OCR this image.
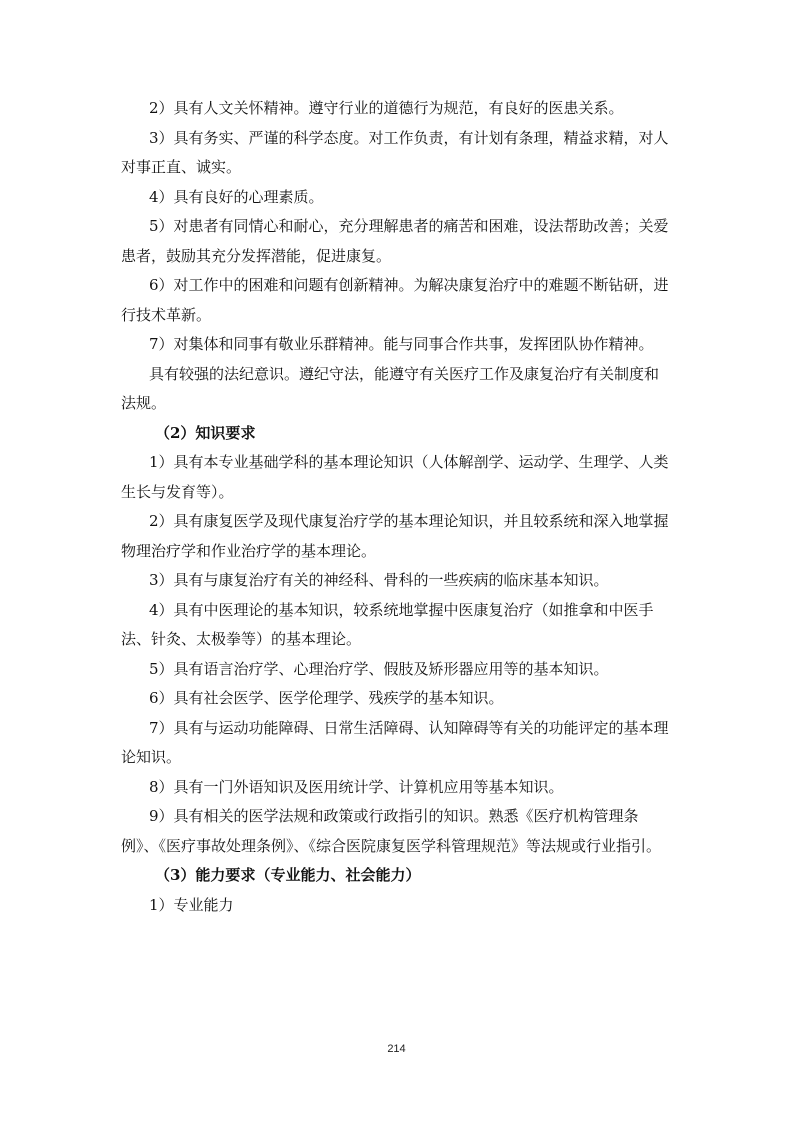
2）具有人文关怀精神。遵守行业的道德行为规范，有良好的医患关系。

3）具有务实、严谨的科学态度。对工作负责，有计划有条理，精益求精，对人对事正直、诚实。

4）具有良好的心理素质。

5）对患者有同情心和耐心，充分理解患者的痛苦和困难，设法帮助改善；关爱患者，鼓励其充分发挥潜能，促进康复。

6）对工作中的困难和问题有创新精神。为解决康复治疗中的难题不断钻研，进行技术革新。

7）对集体和同事有敬业乐群精神。能与同事合作共事，发挥团队协作精神。

具有较强的法纪意识。遵纪守法，能遵守有关医疗工作及康复治疗有关制度和法规。

（2）知识要求

1）具有本专业基础学科的基本理论知识（人体解剖学、运动学、生理学、人类生长与发育等）。

2）具有康复医学及现代康复治疗学的基本理论知识，并且较系统和深入地掌握物理治疗学和作业治疗学的基本理论。

3）具有与康复治疗有关的神经科、骨科的一些疾病的临床基本知识。

4）具有中医理论的基本知识，较系统地掌握中医康复治疗（如推拿和中医手法、针灸、太极拳等）的基本理论。

5）具有语言治疗学、心理治疗学、假肢及矫形器应用等的基本知识。

6）具有社会医学、医学伦理学、残疾学的基本知识。

7）具有与运动功能障碍、日常生活障碍、认知障碍等有关的功能评定的基本理论知识。

8）具有一门外语知识及医用统计学、计算机应用等基本知识。

9）具有相关的医学法规和政策或行政指引的知识。熟悉《医疗机构管理条例》、《医疗事故处理条例》、《综合医院康复医学科管理规范》等法规或行业指引。

（3）能力要求（专业能力、社会能力）

1）专业能力

214
